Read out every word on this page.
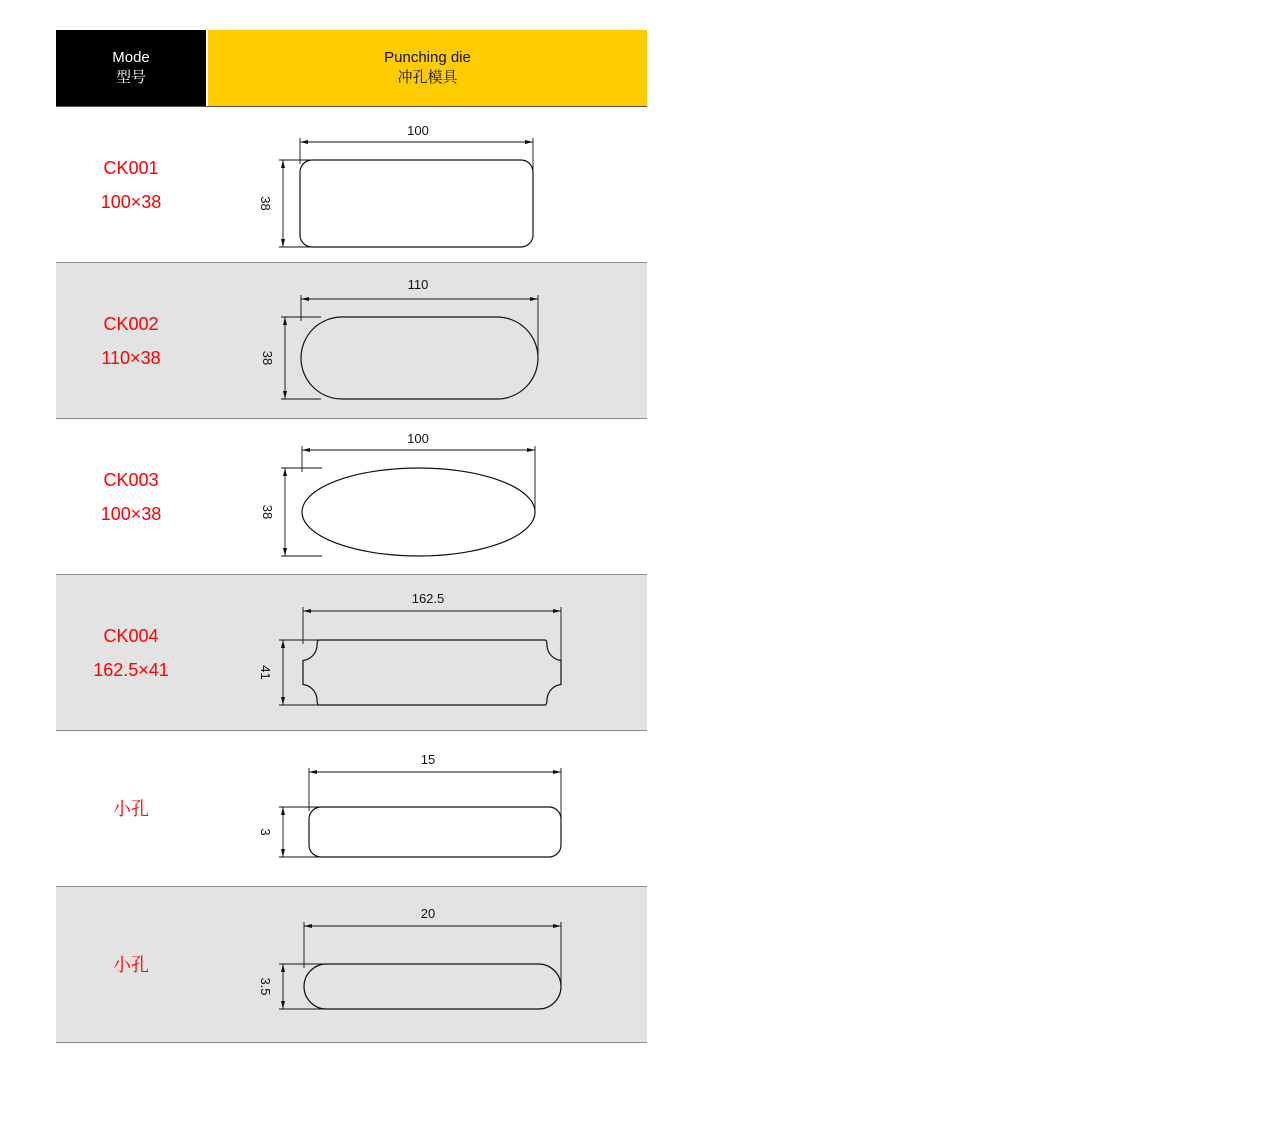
Mode
型号
Punching die
冲孔模具
CK001
100×38
100
38
CK002
110×38
110
38
CK003
100×38
100
38
CK004
162.5×41
162.5
41
小孔
15
3
小孔
20
3.5
